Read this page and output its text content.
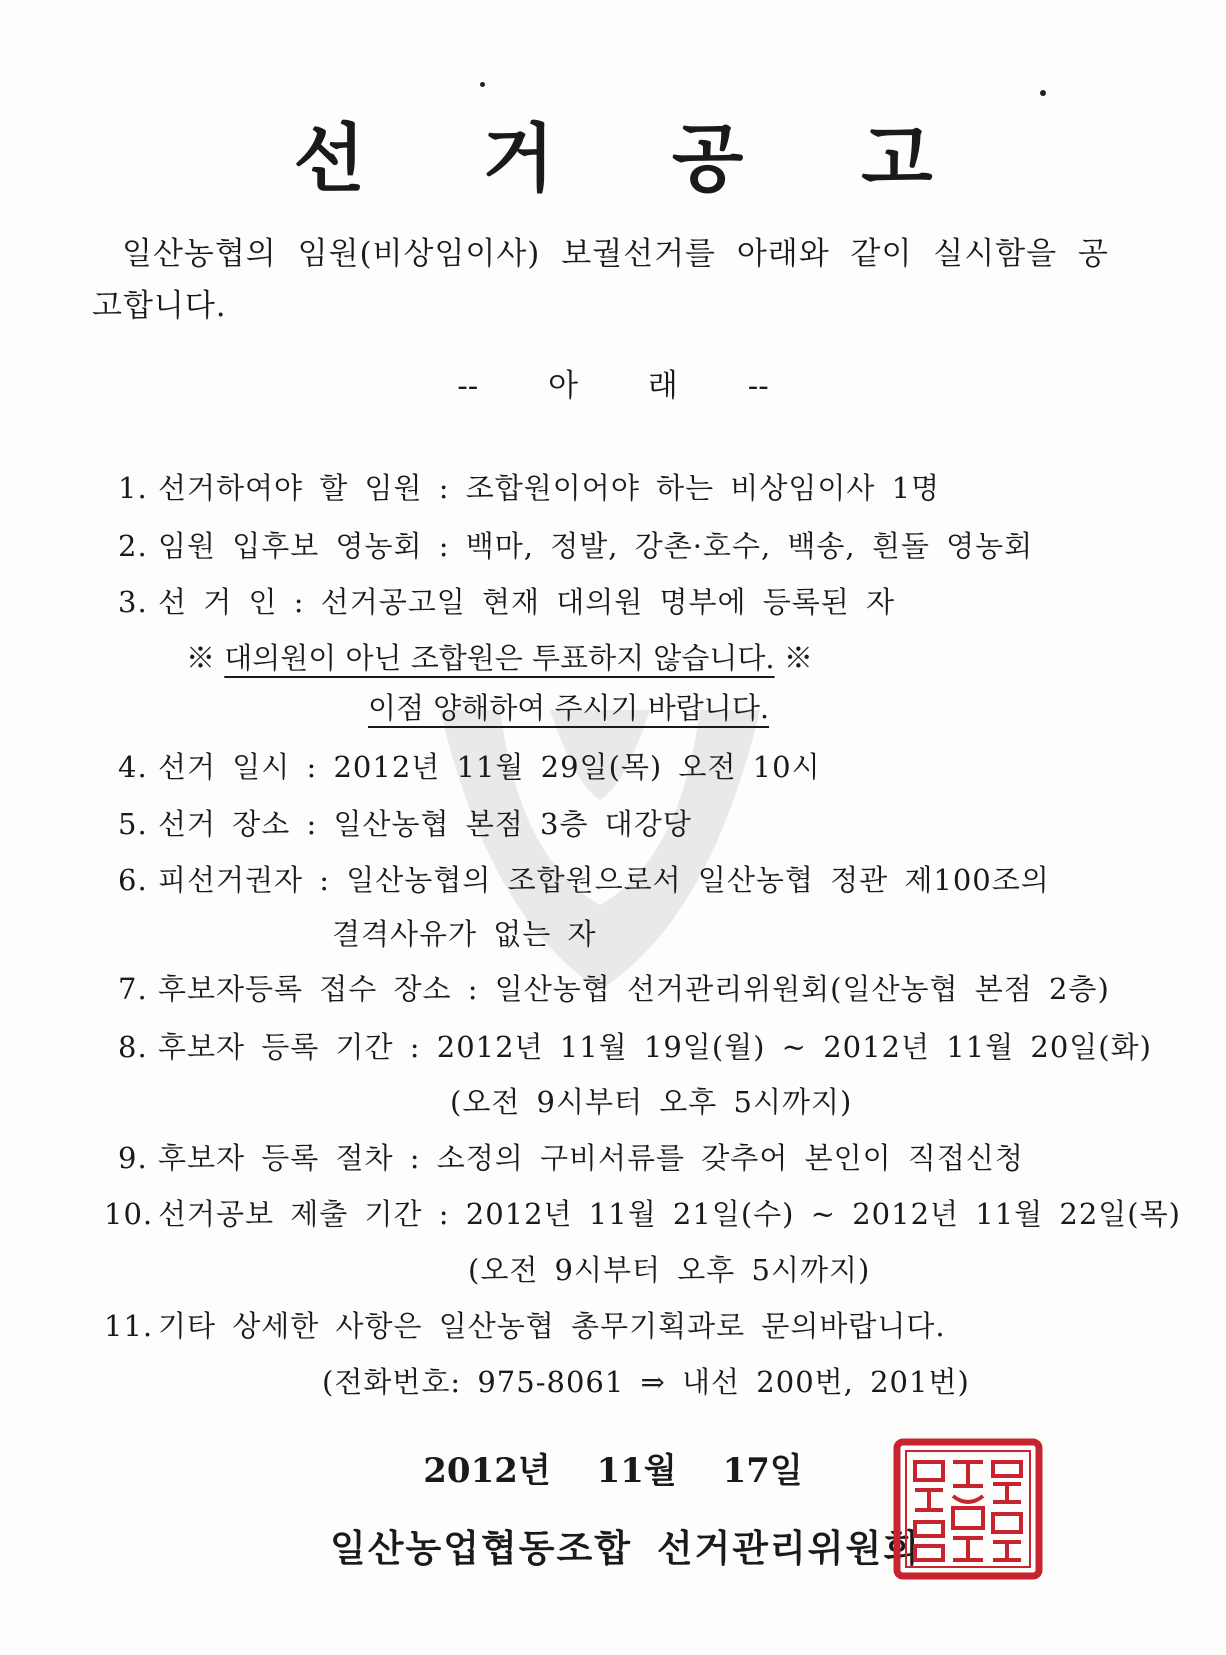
선 거 공 고
일산농협의 임원(비상임이사) 보궐선거를 아래와 같이 실시함을 공고합니다.
-- 아 래 --
1. 선거하여야 할 임원 : 조합원이어야 하는 비상임이사 1명
2. 임원 입후보 영농회 : 백마, 정발, 강촌·호수, 백송, 흰돌 영농회
3. 선 거 인 : 선거공고일 현재 대의원 명부에 등록된 자
※ 대의원이 아닌 조합원은 투표하지 않습니다. ※
이점 양해하여 주시기 바랍니다.
4. 선거 일시 : 2012년 11월 29일(목) 오전 10시
5. 선거 장소 : 일산농협 본점 3층 대강당
6. 피선거권자 : 일산농협의 조합원으로서 일산농협 정관 제100조의
결격사유가 없는 자
7. 후보자등록 접수 장소 : 일산농협 선거관리위원회(일산농협 본점 2층)
8. 후보자 등록 기간 : 2012년 11월 19일(월) ~ 2012년 11월 20일(화)
(오전 9시부터 오후 5시까지)
9. 후보자 등록 절차 : 소정의 구비서류를 갖추어 본인이 직접신청
10. 선거공보 제출 기간 : 2012년 11월 21일(수) ~ 2012년 11월 22일(목)
(오전 9시부터 오후 5시까지)
11. 기타 상세한 사항은 일산농협 총무기획과로 문의바랍니다.
(전화번호: 975-8061 ⇒ 내선 200번, 201번)
2012년 11월 17일
일산농업협동조합 선거관리위원회
